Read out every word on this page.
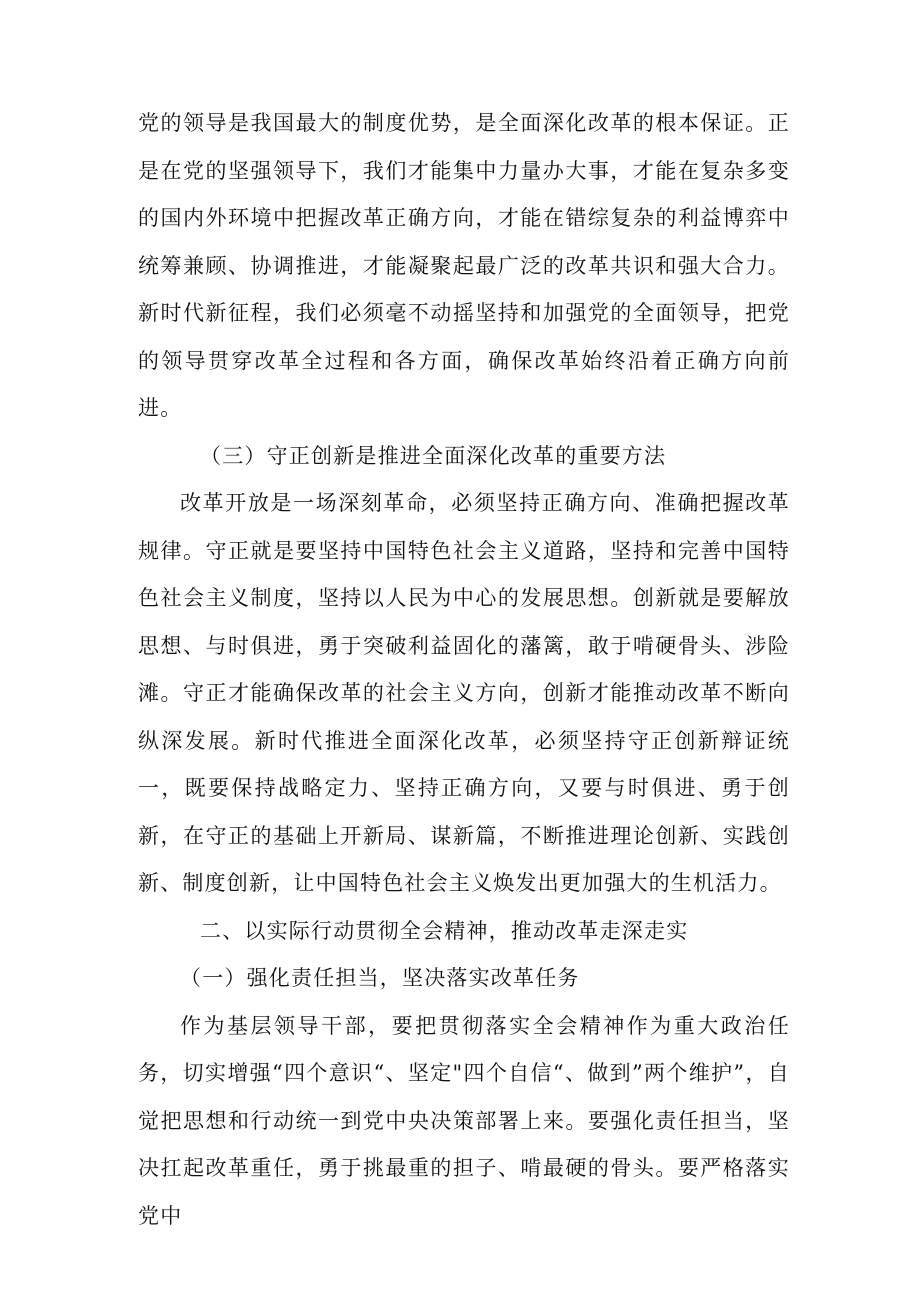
党的领导是我国最大的制度优势，是全面深化改革的根本保证。正是在党的坚强领导下，我们才能集中力量办大事，才能在复杂多变的国内外环境中把握改革正确方向，才能在错综复杂的利益博弈中统筹兼顾、协调推进，才能凝聚起最广泛的改革共识和强大合力。新时代新征程，我们必须毫不动摇坚持和加强党的全面领导，把党的领导贯穿改革全过程和各方面，确保改革始终沿着正确方向前进。

（三）守正创新是推进全面深化改革的重要方法

改革开放是一场深刻革命，必须坚持正确方向、准确把握改革规律。守正就是要坚持中国特色社会主义道路，坚持和完善中国特色社会主义制度，坚持以人民为中心的发展思想。创新就是要解放思想、与时俱进，勇于突破利益固化的藩篱，敢于啃硬骨头、涉险滩。守正才能确保改革的社会主义方向，创新才能推动改革不断向纵深发展。新时代推进全面深化改革，必须坚持守正创新辩证统一，既要保持战略定力、坚持正确方向，又要与时俱进、勇于创新，在守正的基础上开新局、谋新篇，不断推进理论创新、实践创新、制度创新，让中国特色社会主义焕发出更加强大的生机活力。

二、以实际行动贯彻全会精神，推动改革走深走实

（一）强化责任担当，坚决落实改革任务

作为基层领导干部，要把贯彻落实全会精神作为重大政治任务，切实增强“四个意识“、坚定"四个自信“、做到”两个维护”，自觉把思想和行动统一到党中央决策部署上来。要强化责任担当，坚决扛起改革重任，勇于挑最重的担子、啃最硬的骨头。要严格落实党中
